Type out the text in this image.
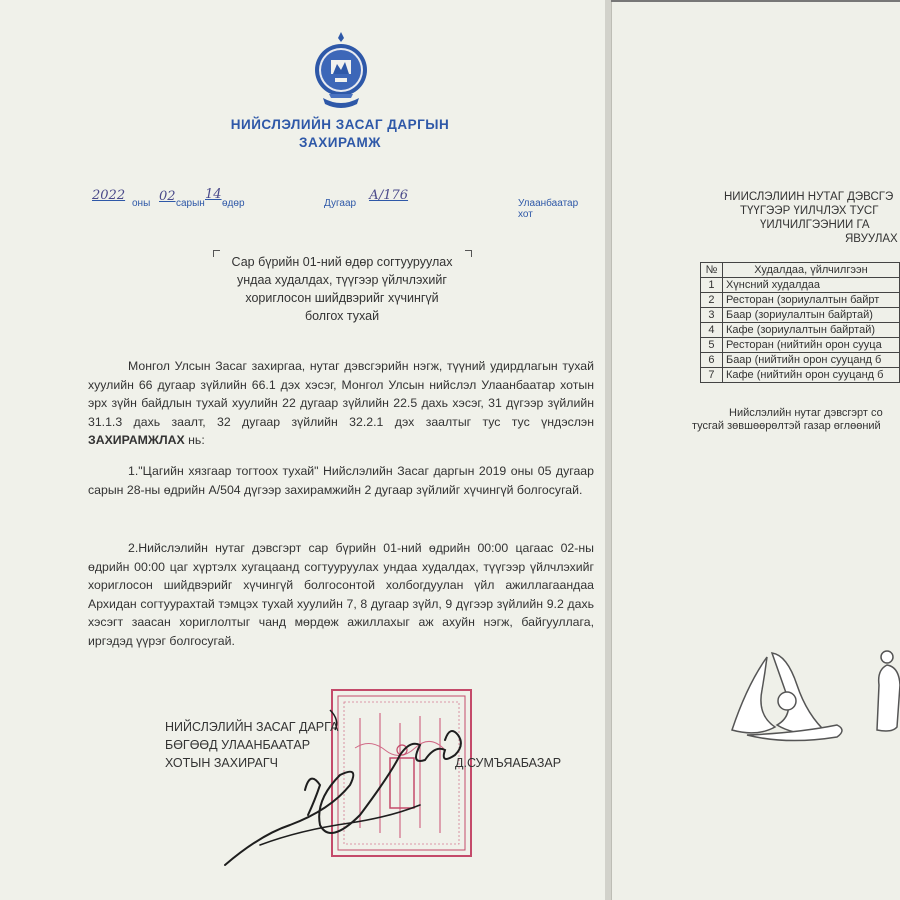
НИЙСЛЭЛИЙН ЗАСАГ ДАРГЫН
ЗАХИРАМЖ
2022
оны 02 сарын
14
өдөр	Дугаар
А/176
Улаанбаатар хот
Сар бүрийн 01-ний өдөр согтууруулах
ундаа худалдах, түүгээр үйлчлэхийг
хориглосон шийдвэрийг хүчингүй
болгох тухай
Монгол Улсын Засаг захиргаа, нутаг дэвсгэрийн нэгж, түүний удирдлагын тухай хуулийн 66 дугаар зүйлийн 66.1 дэх хэсэг, Монгол Улсын нийслэл Улаанбаатар хотын эрх зүйн байдлын тухай хуулийн 22 дугаар зүйлийн 22.5 дахь хэсэг, 31 дүгээр зүйлийн 31.1.3 дахь заалт, 32 дугаар зүйлийн 32.2.1 дэх заалтыг тус тус үндэслэн ЗАХИРАМЖЛАХ нь:
1."Цагийн хязгаар тогтоох тухай" Нийслэлийн Засаг даргын 2019 оны 05 дугаар сарын 28-ны өдрийн А/504 дүгээр захирамжийн 2 дугаар зүйлийг хүчингүй болгосугай.
2.Нийслэлийн нутаг дэвсгэрт сар бүрийн 01-ний өдрийн 00:00 цагаас 02-ны өдрийн 00:00 цаг хүртэлх хугацаанд согтууруулах ундаа худалдах, түүгээр үйлчлэхийг хориглосон шийдвэрийг хүчингүй болгосонтой холбогдуулан үйл ажиллагаандаа Архидан согтуурахтай тэмцэх тухай хуулийн 7, 8 дугаар зүйл, 9 дүгээр зүйлийн 9.2 дахь хэсэгт заасан хориглолтыг чанд мөрдөж ажиллахыг аж ахуйн нэгж, байгууллага, иргэдэд үүрэг болгосугай.
НИЙСЛЭЛИЙН ЗАСАГ ДАРГА
БӨГӨӨД УЛААНБААТАР
ХОТЫН ЗАХИРАГЧ	Д.СУМЪЯАБАЗАР
НИЙСЛЭЛИЙН НУТАГ ДЭВСГЭ
ТҮҮГЭЭР ҮЙЛЧЛЭХ ТУСГ
ҮЙЛЧИЛГЭЭНИЙ ГА
ЯВУУЛАХ
№	Худалдаа, үйлчилгээн
1	Хүнсний худалдаа
2	Ресторан (зориулалтын байрт
3	Баар (зориулалтын байртай)
4	Кафе (зориулалтын байртай)
5	Ресторан (нийтийн орон сууца
6	Баар (нийтийн орон сууцанд б
7	Кафе (нийтийн орон сууцанд б
Нийслэлийн нутаг дэвсгэрт со
тусгай зөвшөөрөлтэй газар өглөөний
